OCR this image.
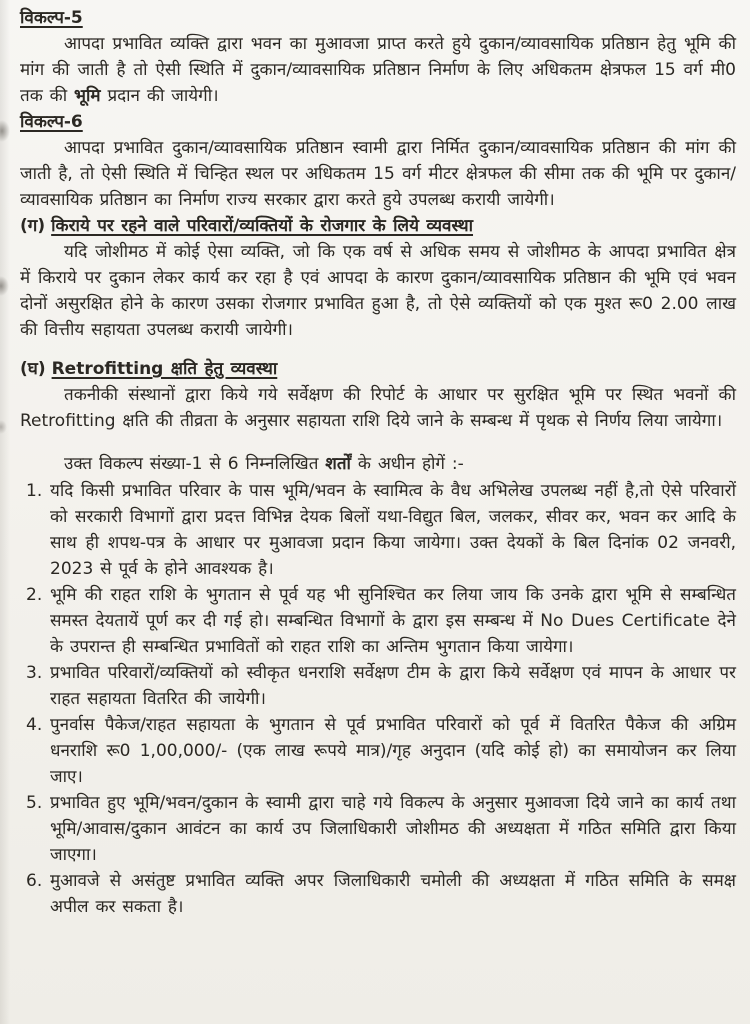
विकल्प-5

आपदा प्रभावित व्यक्ति द्वारा भवन का मुआवजा प्राप्त करते हुये दुकान/व्यावसायिक प्रतिष्ठान हेतु भूमि की मांग की जाती है तो ऐसी स्थिति में दुकान/व्यावसायिक प्रतिष्ठान निर्माण के लिए अधिकतम क्षेत्रफल 15 वर्ग मी0 तक की भूमि प्रदान की जायेगी।

विकल्प-6

आपदा प्रभावित दुकान/व्यावसायिक प्रतिष्ठान स्वामी द्वारा निर्मित दुकान/व्यावसायिक प्रतिष्ठान की मांग की जाती है, तो ऐसी स्थिति में चिन्हित स्थल पर अधिकतम 15 वर्ग मीटर क्षेत्रफल की सीमा तक की भूमि पर दुकान/व्यावसायिक प्रतिष्ठान का निर्माण राज्य सरकार द्वारा करते हुये उपलब्ध करायी जायेगी।

(ग) किराये पर रहने वाले परिवारों/व्यक्तियों के रोजगार के लिये व्यवस्था

यदि जोशीमठ में कोई ऐसा व्यक्ति, जो कि एक वर्ष से अधिक समय से जोशीमठ के आपदा प्रभावित क्षेत्र में किराये पर दुकान लेकर कार्य कर रहा है एवं आपदा के कारण दुकान/व्यावसायिक प्रतिष्ठान की भूमि एवं भवन दोनों असुरक्षित होने के कारण उसका रोजगार प्रभावित हुआ है, तो ऐसे व्यक्तियों को एक मुश्त रू0 2.00 लाख की वित्तीय सहायता उपलब्ध करायी जायेगी।

(घ) Retrofitting क्षति हेतु व्यवस्था

तकनीकी संस्थानों द्वारा किये गये सर्वेक्षण की रिपोर्ट के आधार पर सुरक्षित भूमि पर स्थित भवनों की Retrofitting क्षति की तीव्रता के अनुसार सहायता राशि दिये जाने के सम्बन्ध में पृथक से निर्णय लिया जायेगा।

उक्त विकल्प संख्या-1 से 6 निम्नलिखित शर्तों के अधीन होगें :-

1. यदि किसी प्रभावित परिवार के पास भूमि/भवन के स्वामित्व के वैध अभिलेख उपलब्ध नहीं है,तो ऐसे परिवारों को सरकारी विभागों द्वारा प्रदत्त विभिन्न देयक बिलों यथा-विद्युत बिल, जलकर, सीवर कर, भवन कर आदि के साथ ही शपथ-पत्र के आधार पर मुआवजा प्रदान किया जायेगा। उक्त देयकों के बिल दिनांक 02 जनवरी, 2023 से पूर्व के होने आवश्यक है।
2. भूमि की राहत राशि के भुगतान से पूर्व यह भी सुनिश्चित कर लिया जाय कि उनके द्वारा भूमि से सम्बन्धित समस्त देयतायें पूर्ण कर दी गई हो। सम्बन्धित विभागों के द्वारा इस सम्बन्ध में No Dues Certificate देने के उपरान्त ही सम्बन्धित प्रभावितों को राहत राशि का अन्तिम भुगतान किया जायेगा।
3. प्रभावित परिवारों/व्यक्तियों को स्वीकृत धनराशि सर्वेक्षण टीम के द्वारा किये सर्वेक्षण एवं मापन के आधार पर राहत सहायता वितरित की जायेगी।
4. पुनर्वास पैकेज/राहत सहायता के भुगतान से पूर्व प्रभावित परिवारों को पूर्व में वितरित पैकेज की अग्रिम धनराशि रू0 1,00,000/- (एक लाख रूपये मात्र)/गृह अनुदान (यदि कोई हो) का समायोजन कर लिया जाए।
5. प्रभावित हुए भूमि/भवन/दुकान के स्वामी द्वारा चाहे गये विकल्प के अनुसार मुआवजा दिये जाने का कार्य तथा भूमि/आवास/दुकान आवंटन का कार्य उप जिलाधिकारी जोशीमठ की अध्यक्षता में गठित समिति द्वारा किया जाएगा।
6. मुआवजे से असंतुष्ट प्रभावित व्यक्ति अपर जिलाधिकारी चमोली की अध्यक्षता में गठित समिति के समक्ष अपील कर सकता है।
